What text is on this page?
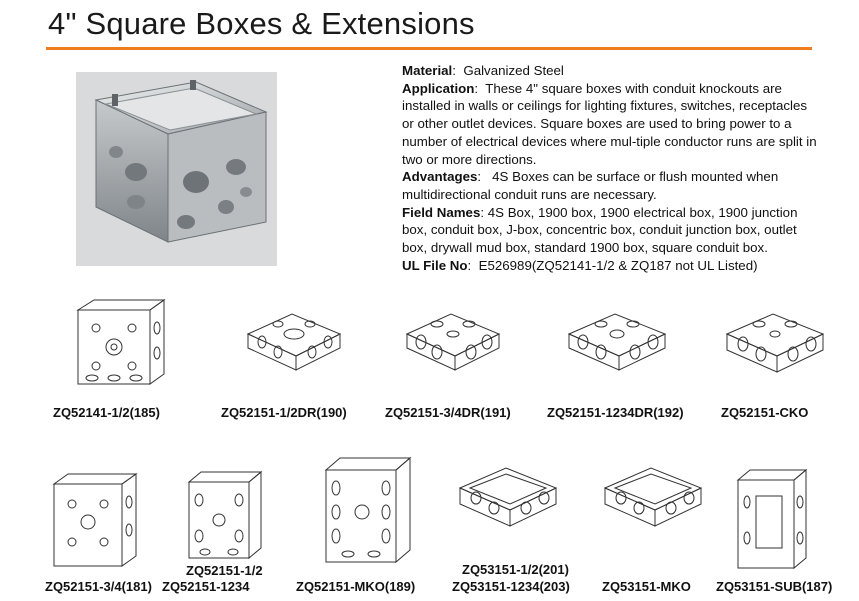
4" Square Boxes & Extensions

Material:  Galvanized Steel

Application:  These 4" square boxes with conduit knockouts are installed in walls or ceilings for lighting fixtures, switches, receptacles or other outlet devices. Square boxes are used to bring power to a number of electrical devices where mul-tiple conductor runs are split in two or more directions.

Advantages:   4S Boxes can be surface or flush mounted when multidirectional conduit runs are necessary.

Field Names: 4S Box, 1900 box, 1900 electrical box, 1900 junction box, conduit box, J-box, concentric box, conduit junction box, outlet box, drywall mud box, standard 1900 box, square conduit box.

UL File No:  E526989(ZQ52141-1/2 & ZQ187 not UL Listed)

ZQ52141-1/2(185)	ZQ52151-1/2DR(190)	ZQ52151-3/4DR(191)	ZQ52151-1234DR(192)	ZQ52151-CKO
ZQ52151-3/4(181)
ZQ52151-1/2
ZQ52151-1234	ZQ52151-MKO(189)
ZQ53151-1/2(201)
ZQ53151-1234(203) ZQ53151-MKO ZQ53151-SUB(187)
